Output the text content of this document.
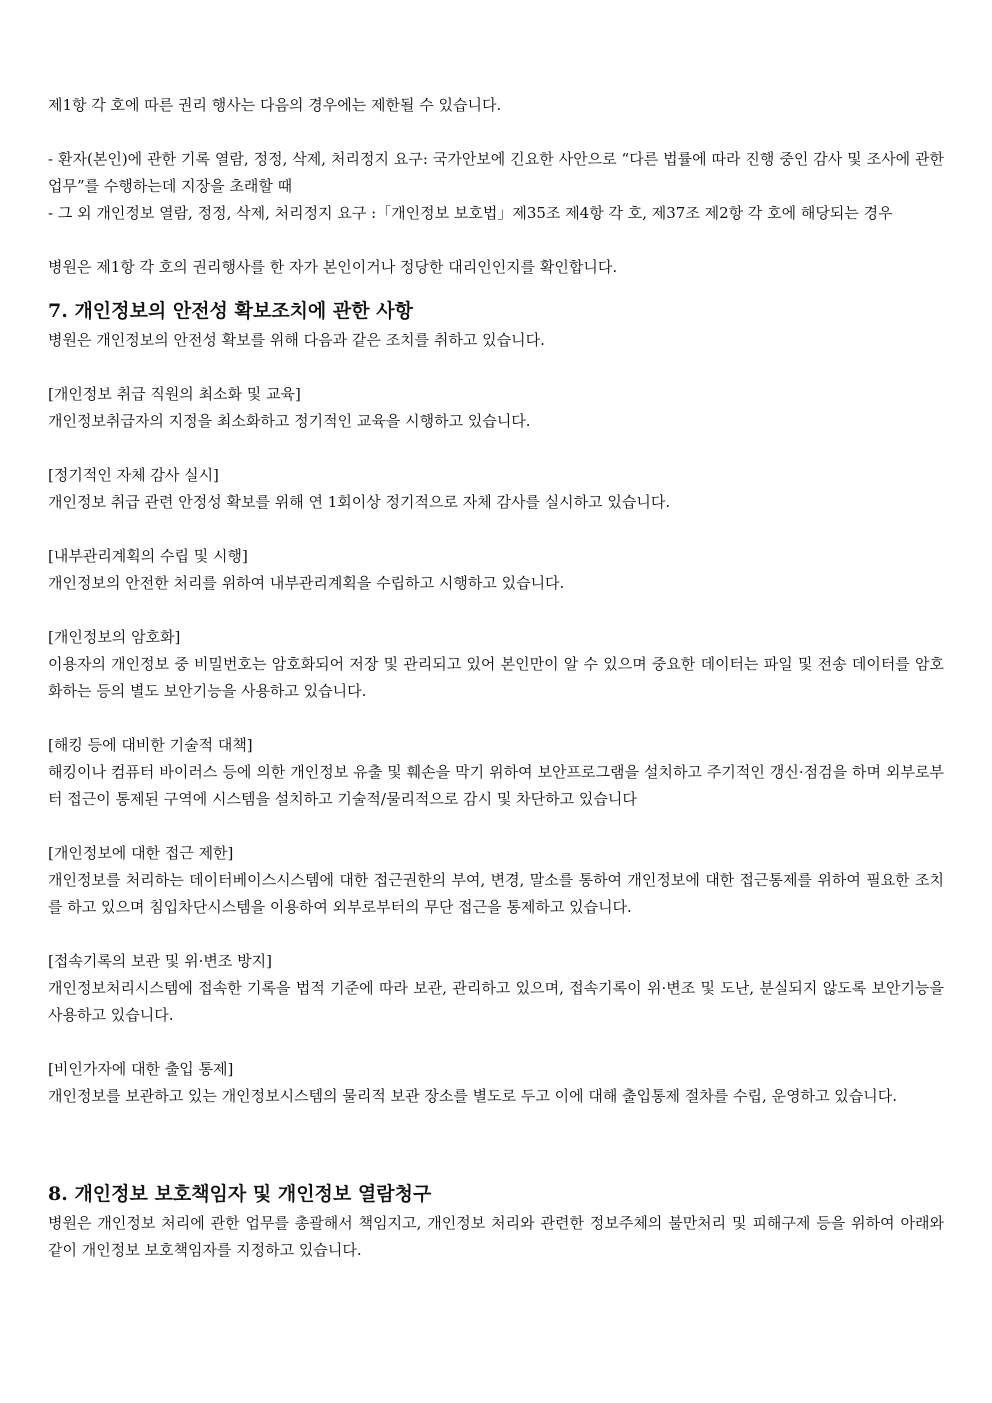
제1항 각 호에 따른 권리 행사는 다음의 경우에는 제한될 수 있습니다.

- 환자(본인)에 관한 기록 열람, 정정, 삭제, 처리정지 요구: 국가안보에 긴요한 사안으로 “다른 법률에 따라 진행 중인 감사 및 조사에 관한 업무”를 수행하는데 지장을 초래할 때

- 그 외 개인정보 열람, 정정, 삭제, 처리정지 요구 :「개인정보 보호법」제35조 제4항 각 호, 제37조 제2항 각 호에 해당되는 경우

병원은 제1항 각 호의 권리행사를 한 자가 본인이거나 정당한 대리인인지를 확인합니다.

7. 개인정보의 안전성 확보조치에 관한 사항

병원은 개인정보의 안전성 확보를 위해 다음과 같은 조치를 취하고 있습니다.

[개인정보 취급 직원의 최소화 및 교육]

개인정보취급자의 지정을 최소화하고 정기적인 교육을 시행하고 있습니다.

[정기적인 자체 감사 실시]

개인정보 취급 관련 안정성 확보를 위해 연 1회이상 정기적으로 자체 감사를 실시하고 있습니다.

[내부관리계획의 수립 및 시행]

개인정보의 안전한 처리를 위하여 내부관리계획을 수립하고 시행하고 있습니다.

[개인정보의 암호화]

이용자의 개인정보 중 비밀번호는 암호화되어 저장 및 관리되고 있어 본인만이 알 수 있으며 중요한 데이터는 파일 및 전송 데이터를 암호화하는 등의 별도 보안기능을 사용하고 있습니다.

[해킹 등에 대비한 기술적 대책]

해킹이나 컴퓨터 바이러스 등에 의한 개인정보 유출 및 훼손을 막기 위하여 보안프로그램을 설치하고 주기적인 갱신·점검을 하며 외부로부터 접근이 통제된 구역에 시스템을 설치하고 기술적/물리적으로 감시 및 차단하고 있습니다

[개인정보에 대한 접근 제한]

개인정보를 처리하는 데이터베이스시스템에 대한 접근권한의 부여, 변경, 말소를 통하여 개인정보에 대한 접근통제를 위하여 필요한 조치를 하고 있으며 침입차단시스템을 이용하여 외부로부터의 무단 접근을 통제하고 있습니다.

[접속기록의 보관 및 위·변조 방지]

개인정보처리시스템에 접속한 기록을 법적 기준에 따라 보관, 관리하고 있으며, 접속기록이 위·변조 및 도난, 분실되지 않도록 보안기능을 사용하고 있습니다.

[비인가자에 대한 출입 통제]

개인정보를 보관하고 있는 개인정보시스템의 물리적 보관 장소를 별도로 두고 이에 대해 출입통제 절차를 수립, 운영하고 있습니다.

8. 개인정보 보호책임자 및 개인정보 열람청구

병원은 개인정보 처리에 관한 업무를 총괄해서 책임지고, 개인정보 처리와 관련한 정보주체의 불만처리 및 피해구제 등을 위하여 아래와 같이 개인정보 보호책임자를 지정하고 있습니다.
